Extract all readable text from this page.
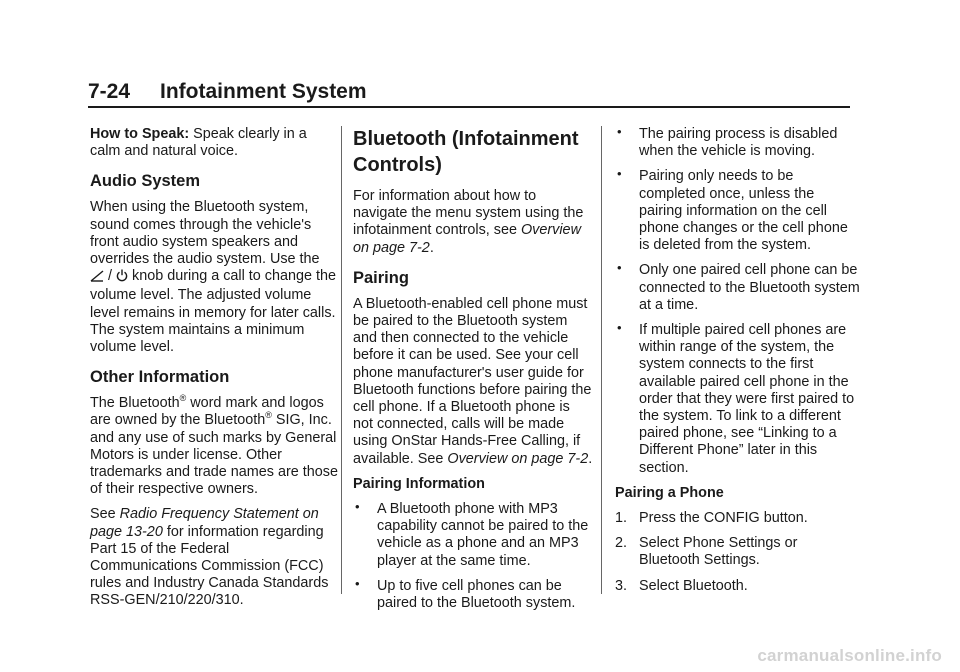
7-24 Infotainment System

How to Speak: Speak clearly in a calm and natural voice.

Audio System

When using the Bluetooth system, sound comes through the vehicle's front audio system speakers and overrides the audio system. Use the
/  knob during a call to change the volume level. The adjusted volume level remains in memory for later calls. The system maintains a minimum volume level.

Other Information

The Bluetooth® word mark and logos are owned by the Bluetooth® SIG, Inc. and any use of such marks by General Motors is under license. Other trademarks and trade names are those of their respective owners.

See Radio Frequency Statement on page 13-20 for information regarding Part 15 of the Federal Communications Commission (FCC) rules and Industry Canada Standards RSS-GEN/210/220/310.

Bluetooth (Infotainment Controls)

For information about how to navigate the menu system using the infotainment controls, see Overview on page 7-2.

Pairing

A Bluetooth-enabled cell phone must be paired to the Bluetooth system and then connected to the vehicle before it can be used. See your cell phone manufacturer's user guide for Bluetooth functions before pairing the cell phone. If a Bluetooth phone is not connected, calls will be made using OnStar Hands-Free Calling, if available. See Overview on page 7-2.

Pairing Information

• A Bluetooth phone with MP3 capability cannot be paired to the vehicle as a phone and an MP3 player at the same time.
• Up to five cell phones can be paired to the Bluetooth system.
• The pairing process is disabled when the vehicle is moving.
• Pairing only needs to be completed once, unless the pairing information on the cell phone changes or the cell phone is deleted from the system.
• Only one paired cell phone can be connected to the Bluetooth system at a time.
• If multiple paired cell phones are within range of the system, the system connects to the first available paired cell phone in the order that they were first paired to the system. To link to a different paired phone, see “Linking to a Different Phone” later in this section.

Pairing a Phone

1. Press the CONFIG button.
2. Select Phone Settings or Bluetooth Settings.
3. Select Bluetooth.
carmanualsonline.info
